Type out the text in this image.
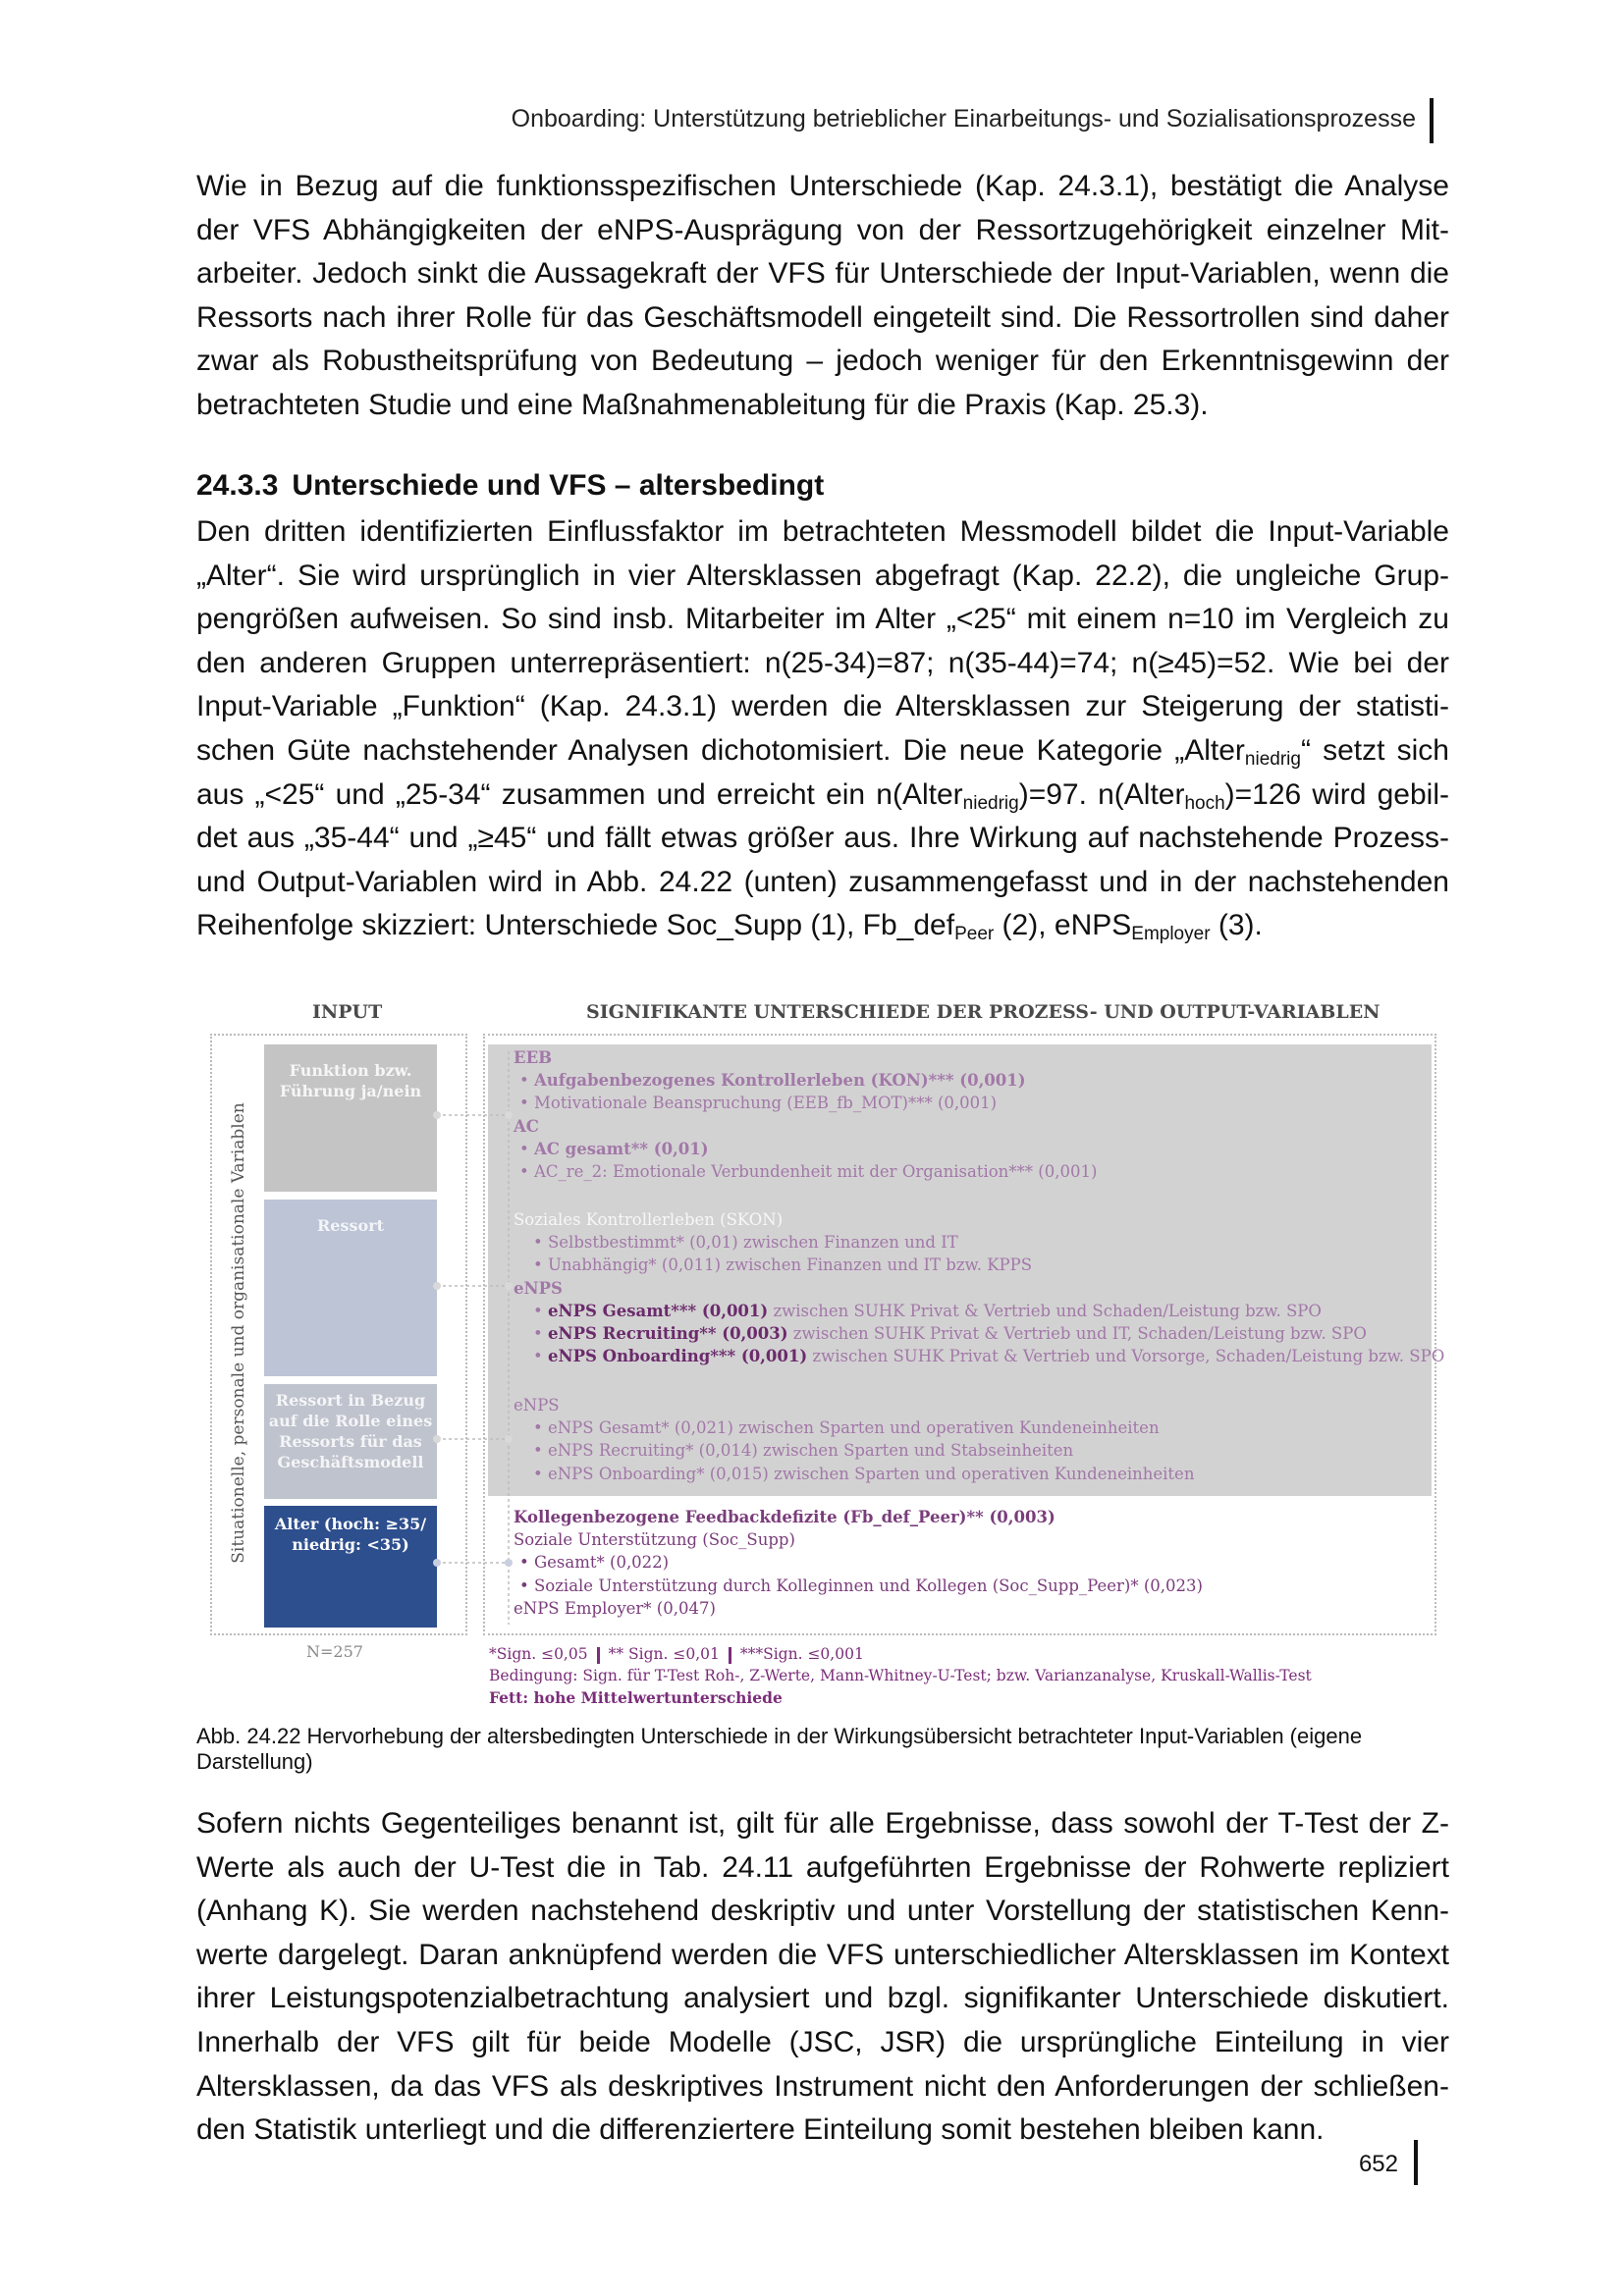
Onboarding: Unterstützung betrieblicher Einarbeitungs- und Sozialisationsprozesse

Wie in Bezug auf die funktionsspezifischen Unterschiede (Kap. 24.3.1), bestätigt die Analyse der VFS Abhängigkeiten der eNPS-Ausprägung von der Ressortzugehörigkeit einzelner Mitarbeiter. Jedoch sinkt die Aussagekraft der VFS für Unterschiede der Input-Variablen, wenn die Ressorts nach ihrer Rolle für das Geschäftsmodell eingeteilt sind. Die Ressortrollen sind daher zwar als Robustheitsprüfung von Bedeutung – jedoch weniger für den Erkenntnisgewinn der betrachteten Studie und eine Maßnahmenableitung für die Praxis (Kap. 25.3).

24.3.3 Unterschiede und VFS – altersbedingt

Den dritten identifizierten Einflussfaktor im betrachteten Messmodell bildet die Input-Variable „Alter“. Sie wird ursprünglich in vier Altersklassen abgefragt (Kap. 22.2), die ungleiche Gruppengrößen aufweisen. So sind insb. Mitarbeiter im Alter „<25“ mit einem n=10 im Vergleich zu den anderen Gruppen unterrepräsentiert: n(25-34)=87; n(35-44)=74; n(≥45)=52. Wie bei der Input-Variable „Funktion“ (Kap. 24.3.1) werden die Altersklassen zur Steigerung der statistischen Güte nachstehender Analysen dichotomisiert. Die neue Kategorie „Alter$_{niedrig}$“ setzt sich aus „<25“ und „25-34“ zusammen und erreicht ein n(Alter$_{niedrig}$)=97. n(Alter$_{hoch}$)=126 wird gebildet aus „35-44“ und „≥45“ und fällt etwas größer aus. Ihre Wirkung auf nachstehende Prozess- und Output-Variablen wird in Abb. 24.22 (unten) zusammengefasst und in der nachstehenden Reihenfolge skizziert: Unterschiede Soc_Supp (1), Fb_def$_{Peer}$ (2), eNPS$_{Employer}$ (3).

INPUT	SIGNIFIKANTE UNTERSCHIEDE DER PROZESS- UND OUTPUT-VARIABLEN
Situationelle, personale und organisationale Variablen
Funktion bzw. Führung ja/nein
Ressort
Ressort in Bezug auf die Rolle eines Ressorts für das Geschäftsmodell
Alter (hoch: ≥35/ niedrig: <35)
EEB
• Aufgabenbezogenes Kontrollerleben (KON)*** (0,001)
• Motivationale Beanspruchung (EEB_fb_MOT)*** (0,001)
AC
• AC gesamt** (0,01)
• AC_re_2: Emotionale Verbundenheit mit der Organisation*** (0,001)
Soziales Kontrollerleben (SKON)
• Selbstbestimmt* (0,01) zwischen Finanzen und IT
• Unabhängig* (0,011) zwischen Finanzen und IT bzw. KPPS
eNPS
• eNPS Gesamt*** (0,001) zwischen SUHK Privat & Vertrieb und Schaden/Leistung bzw. SPO
• eNPS Recruiting** (0,003) zwischen SUHK Privat & Vertrieb und IT, Schaden/Leistung bzw. SPO
• eNPS Onboarding*** (0,001) zwischen SUHK Privat & Vertrieb und Vorsorge, Schaden/Leistung bzw. SPO
eNPS
• eNPS Gesamt* (0,021) zwischen Sparten und operativen Kundeneinheiten
• eNPS Recruiting* (0,014) zwischen Sparten und Stabseinheiten
• eNPS Onboarding* (0,015) zwischen Sparten und operativen Kundeneinheiten
Kollegenbezogene Feedbackdefizite (Fb_def_Peer)** (0,003)
Soziale Unterstützung (Soc_Supp)
• Gesamt* (0,022)
• Soziale Unterstützung durch Kolleginnen und Kollegen (Soc_Supp_Peer)* (0,023)
eNPS Employer* (0,047)
N=257	*Sign. ≤0,05 ** Sign. ≤0,01 ***Sign. ≤0,001
Bedingung: Sign. für T-Test Roh-, Z-Werte, Mann-Whitney-U-Test; bzw. Varianzanalyse, Kruskall-Wallis-Test
Fett: hohe Mittelwertunterschiede

Abb. 24.22 Hervorhebung der altersbedingten Unterschiede in der Wirkungsübersicht betrachteter Input-Variablen (eigene Darstellung)

Sofern nichts Gegenteiliges benannt ist, gilt für alle Ergebnisse, dass sowohl der T-Test der Z-Werte als auch der U-Test die in Tab. 24.11 aufgeführten Ergebnisse der Rohwerte repliziert (Anhang K). Sie werden nachstehend deskriptiv und unter Vorstellung der statistischen Kennwerte dargelegt. Daran anknüpfend werden die VFS unterschiedlicher Altersklassen im Kontext ihrer Leistungspotenzialbetrachtung analysiert und bzgl. signifikanter Unterschiede diskutiert. Innerhalb der VFS gilt für beide Modelle (JSC, JSR) die ursprüngliche Einteilung in vier Altersklassen, da das VFS als deskriptives Instrument nicht den Anforderungen der schließenden Statistik unterliegt und die differenziertere Einteilung somit bestehen bleiben kann.

652
